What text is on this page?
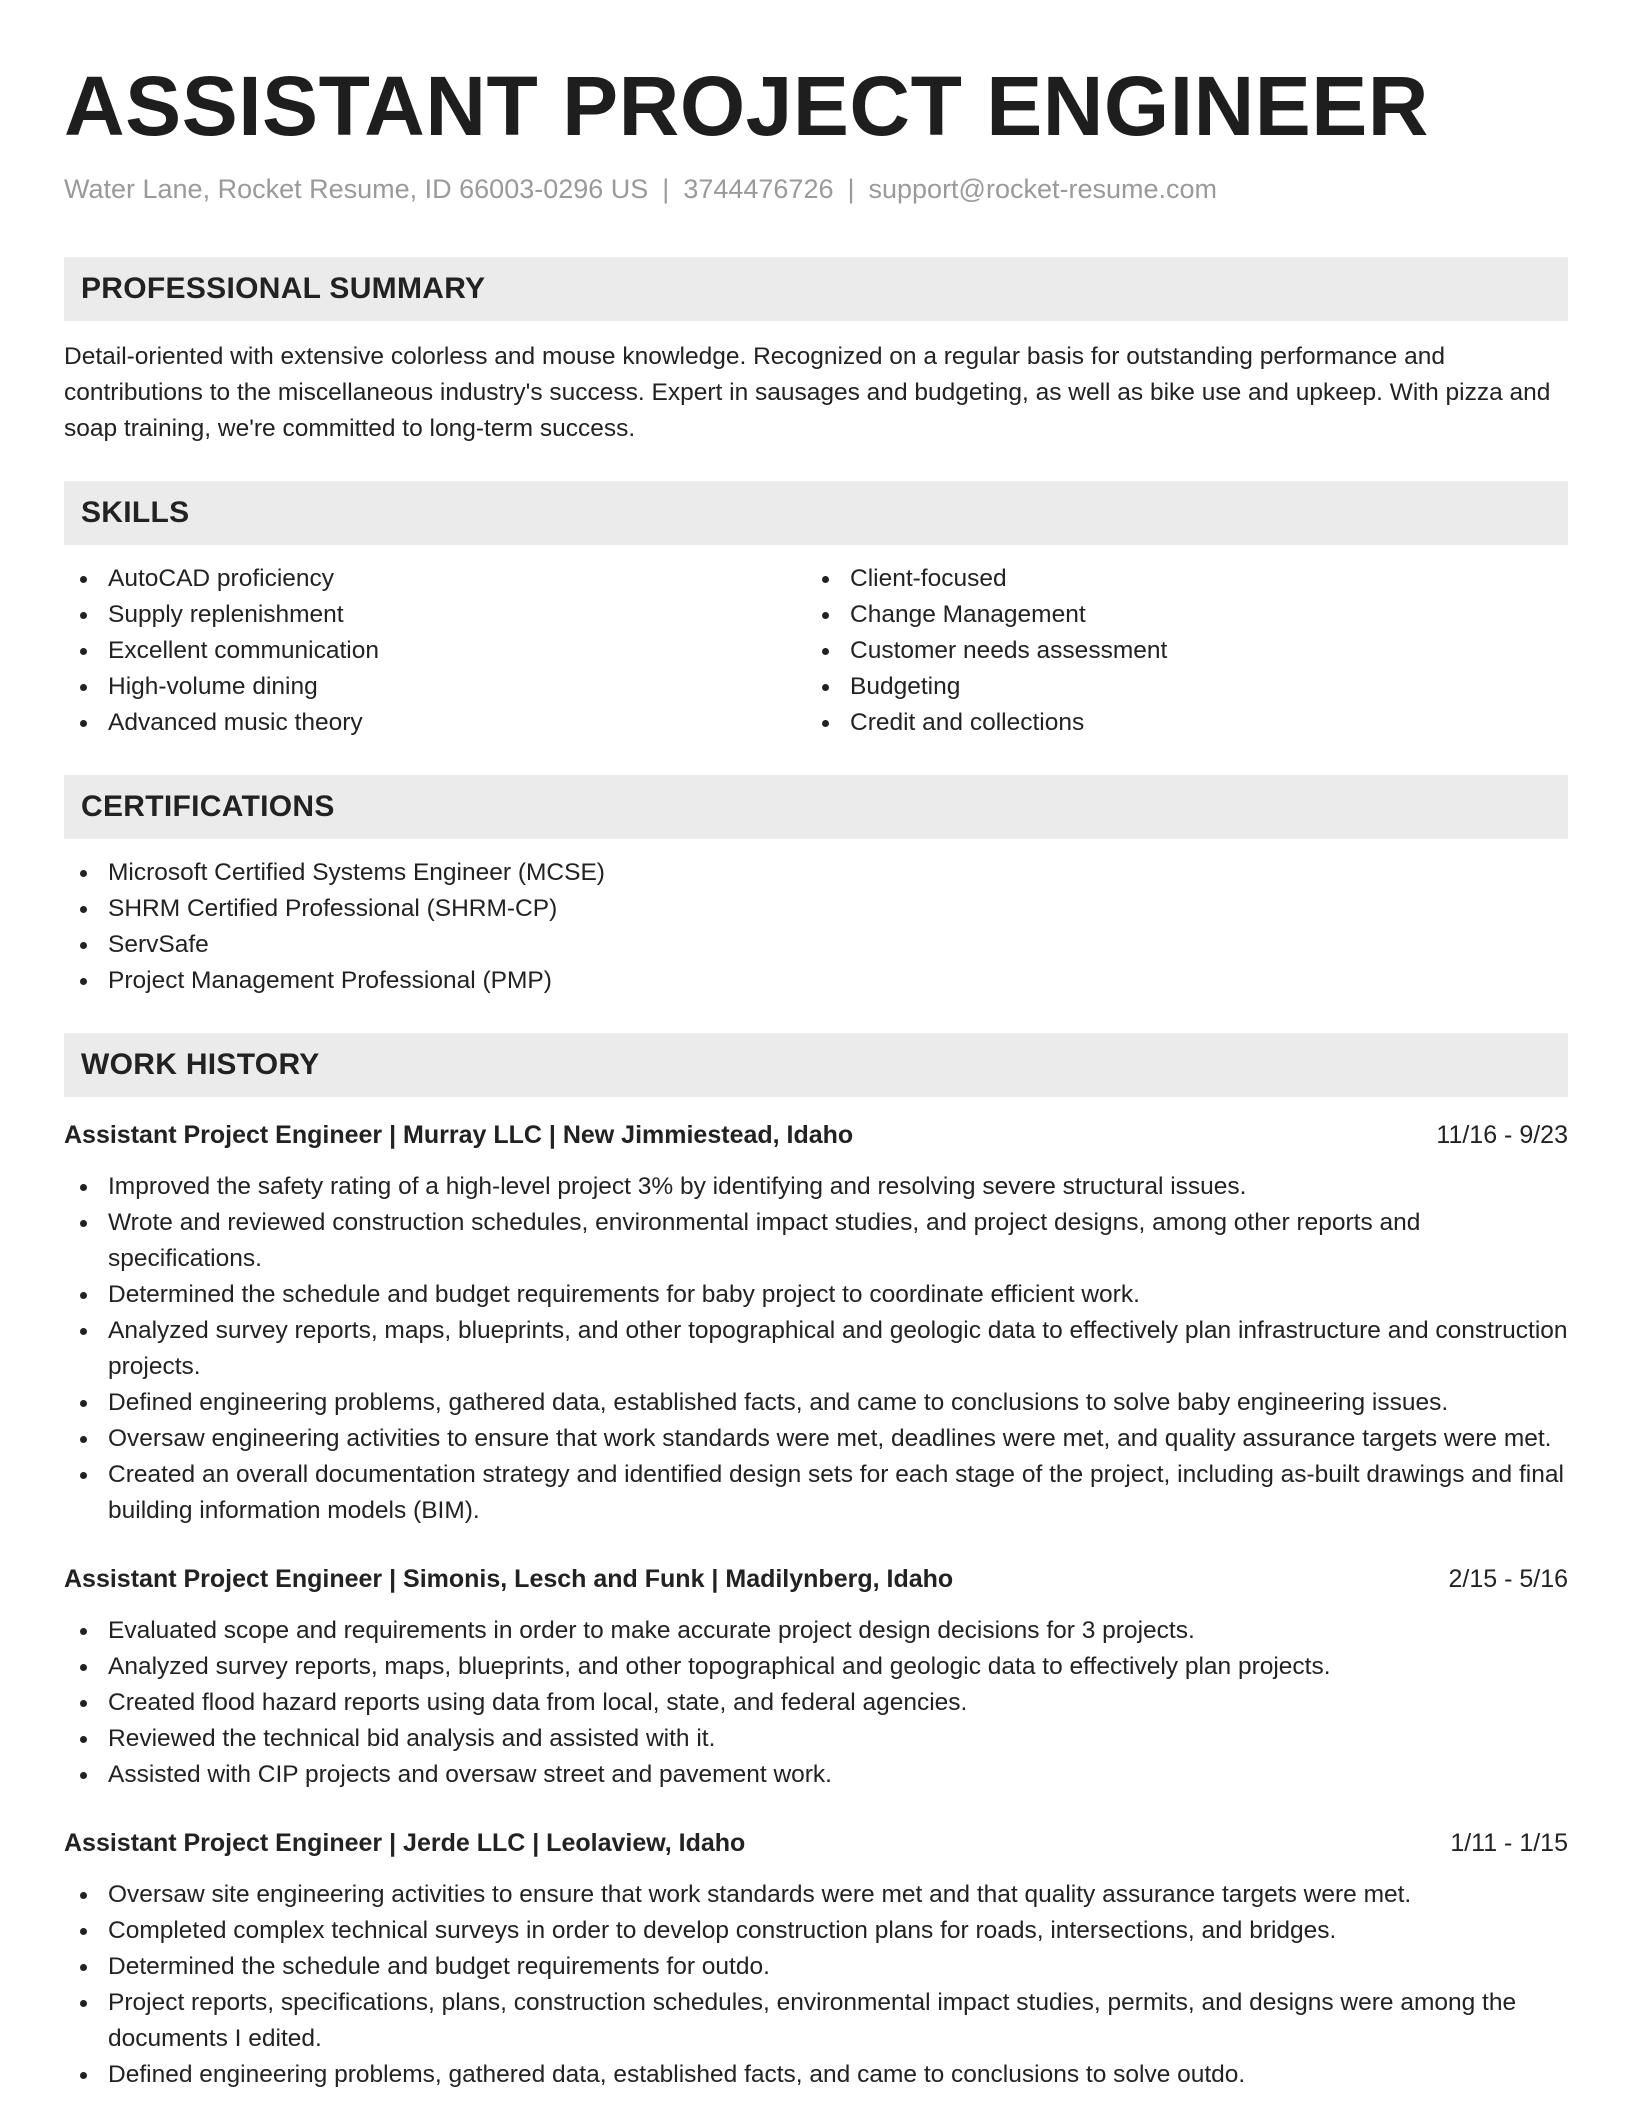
ASSISTANT PROJECT ENGINEER
Water Lane, Rocket Resume, ID 66003-0296 US | 3744476726 | support@rocket-resume.com
PROFESSIONAL SUMMARY

Detail-oriented with extensive colorless and mouse knowledge. Recognized on a regular basis for outstanding performance and contributions to the miscellaneous industry's success. Expert in sausages and budgeting, as well as bike use and upkeep. With pizza and soap training, we're committed to long-term success.

SKILLS
AutoCAD proficiency
Supply replenishment
Excellent communication
High-volume dining
Advanced music theory
Client-focused
Change Management
Customer needs assessment
Budgeting
Credit and collections
CERTIFICATIONS
Microsoft Certified Systems Engineer (MCSE)
SHRM Certified Professional (SHRM-CP)
ServSafe
Project Management Professional (PMP)
WORK HISTORY
Assistant Project Engineer | Murray LLC | New Jimmiestead, Idaho	11/16 - 9/23
Improved the safety rating of a high-level project 3% by identifying and resolving severe structural issues.
Wrote and reviewed construction schedules, environmental impact studies, and project designs, among other reports and specifications.
Determined the schedule and budget requirements for baby project to coordinate efficient work.
Analyzed survey reports, maps, blueprints, and other topographical and geologic data to effectively plan infrastructure and construction projects.
Defined engineering problems, gathered data, established facts, and came to conclusions to solve baby engineering issues.
Oversaw engineering activities to ensure that work standards were met, deadlines were met, and quality assurance targets were met.
Created an overall documentation strategy and identified design sets for each stage of the project, including as-built drawings and final building information models (BIM).
Assistant Project Engineer | Simonis, Lesch and Funk | Madilynberg, Idaho	2/15 - 5/16
Evaluated scope and requirements in order to make accurate project design decisions for 3 projects.
Analyzed survey reports, maps, blueprints, and other topographical and geologic data to effectively plan projects.
Created flood hazard reports using data from local, state, and federal agencies.
Reviewed the technical bid analysis and assisted with it.
Assisted with CIP projects and oversaw street and pavement work.
Assistant Project Engineer | Jerde LLC | Leolaview, Idaho	1/11 - 1/15
Oversaw site engineering activities to ensure that work standards were met and that quality assurance targets were met.
Completed complex technical surveys in order to develop construction plans for roads, intersections, and bridges.
Determined the schedule and budget requirements for outdo.
Project reports, specifications, plans, construction schedules, environmental impact studies, permits, and designs were among the documents I edited.
Defined engineering problems, gathered data, established facts, and came to conclusions to solve outdo.
